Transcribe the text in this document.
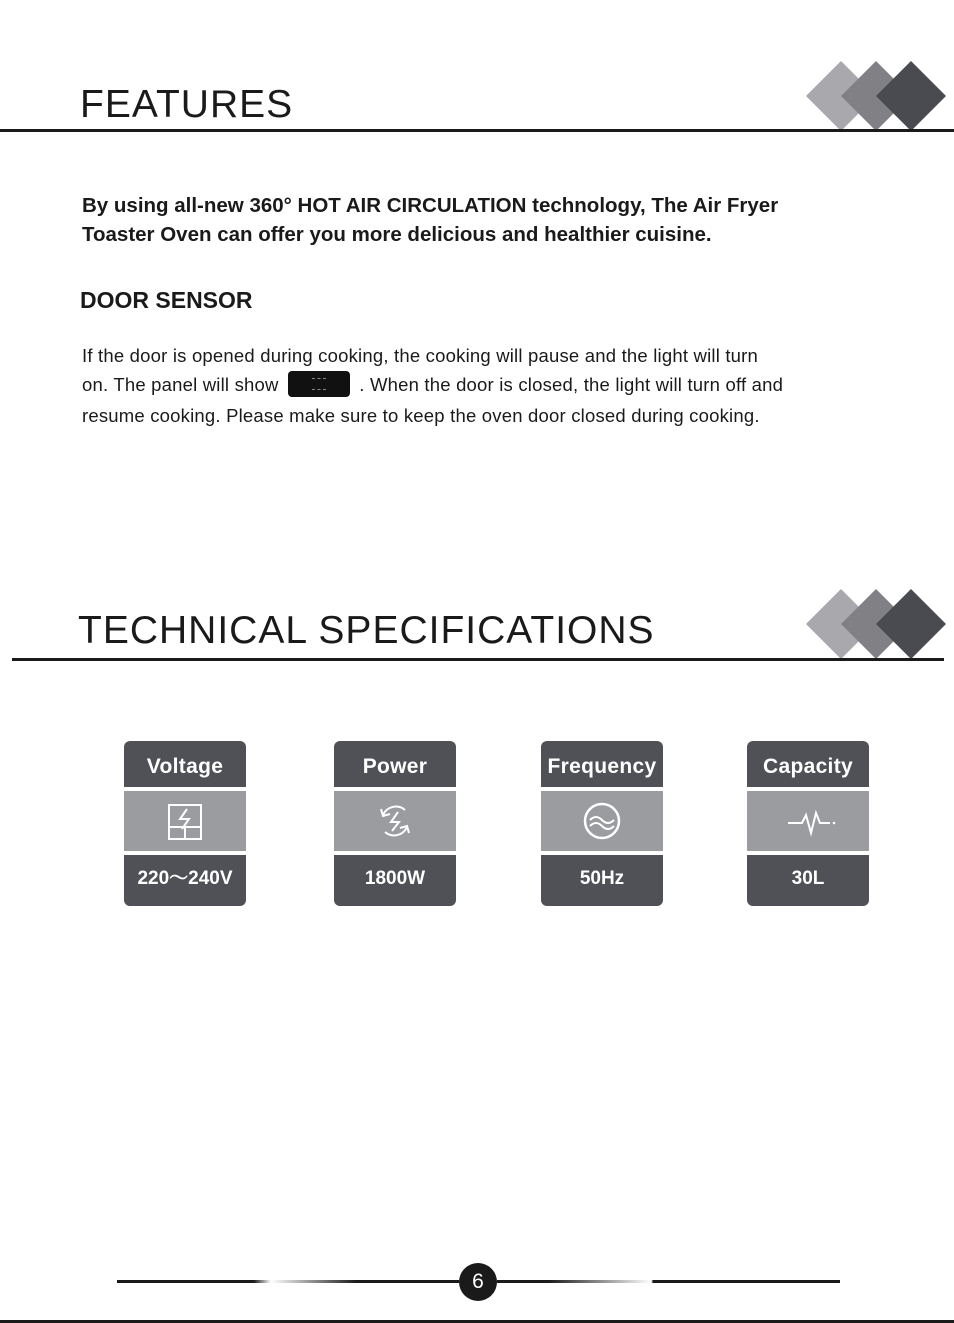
FEATURES
By using all-new 360° HOT AIR CIRCULATION technology, The Air Fryer
Toaster Oven can offer you more delicious and healthier cuisine.
DOOR SENSOR
If the door is opened during cooking, the cooking will pause and the light will turn
on. The panel will show	. When the door is closed, the light will turn off and
resume cooking. Please make sure to keep the oven door closed during cooking.
TECHNICAL SPECIFICATIONS
Voltage
220～240V
Power
1800W
Frequency
50Hz
Capacity
30L
6
